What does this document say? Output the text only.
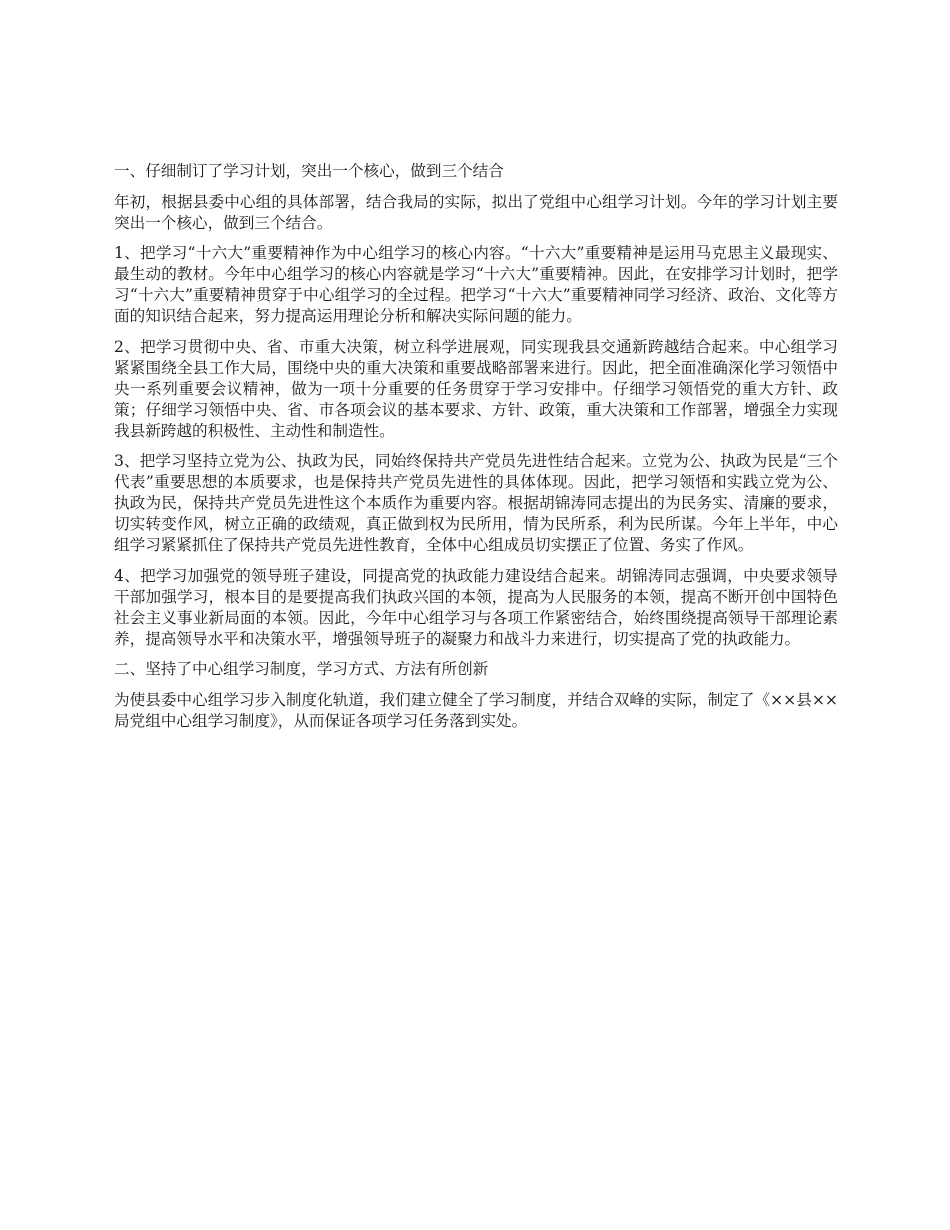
一、仔细制订了学习计划，突出一个核心，做到三个结合

年初，根据县委中心组的具体部署，结合我局的实际，拟出了党组中心组学习计划。今年的学习计划主要突出一个核心，做到三个结合。

1、把学习“十六大”重要精神作为中心组学习的核心内容。“十六大”重要精神是运用马克思主义最现实、最生动的教材。今年中心组学习的核心内容就是学习“十六大”重要精神。因此，在安排学习计划时，把学习“十六大”重要精神贯穿于中心组学习的全过程。把学习“十六大”重要精神同学习经济、政治、文化等方面的知识结合起来，努力提高运用理论分析和解决实际问题的能力。

2、把学习贯彻中央、省、市重大决策，树立科学进展观，同实现我县交通新跨越结合起来。中心组学习紧紧围绕全县工作大局，围绕中央的重大决策和重要战略部署来进行。因此，把全面准确深化学习领悟中央一系列重要会议精神，做为一项十分重要的任务贯穿于学习安排中。仔细学习领悟党的重大方针、政策；仔细学习领悟中央、省、市各项会议的基本要求、方针、政策，重大决策和工作部署，增强全力实现我县新跨越的积极性、主动性和制造性。

3、把学习坚持立党为公、执政为民，同始终保持共产党员先进性结合起来。立党为公、执政为民是“三个代表”重要思想的本质要求，也是保持共产党员先进性的具体体现。因此，把学习领悟和实践立党为公、执政为民，保持共产党员先进性这个本质作为重要内容。根据胡锦涛同志提出的为民务实、清廉的要求，切实转变作风，树立正确的政绩观，真正做到权为民所用，情为民所系，利为民所谋。今年上半年，中心组学习紧紧抓住了保持共产党员先进性教育，全体中心组成员切实摆正了位置、务实了作风。

4、把学习加强党的领导班子建设，同提高党的执政能力建设结合起来。胡锦涛同志强调，中央要求领导干部加强学习，根本目的是要提高我们执政兴国的本领，提高为人民服务的本领，提高不断开创中国特色社会主义事业新局面的本领。因此，今年中心组学习与各项工作紧密结合，始终围绕提高领导干部理论素养，提高领导水平和决策水平，增强领导班子的凝聚力和战斗力来进行，切实提高了党的执政能力。

二、坚持了中心组学习制度，学习方式、方法有所创新

为使县委中心组学习步入制度化轨道，我们建立健全了学习制度，并结合双峰的实际，制定了《××县××局党组中心组学习制度》，从而保证各项学习任务落到实处。
